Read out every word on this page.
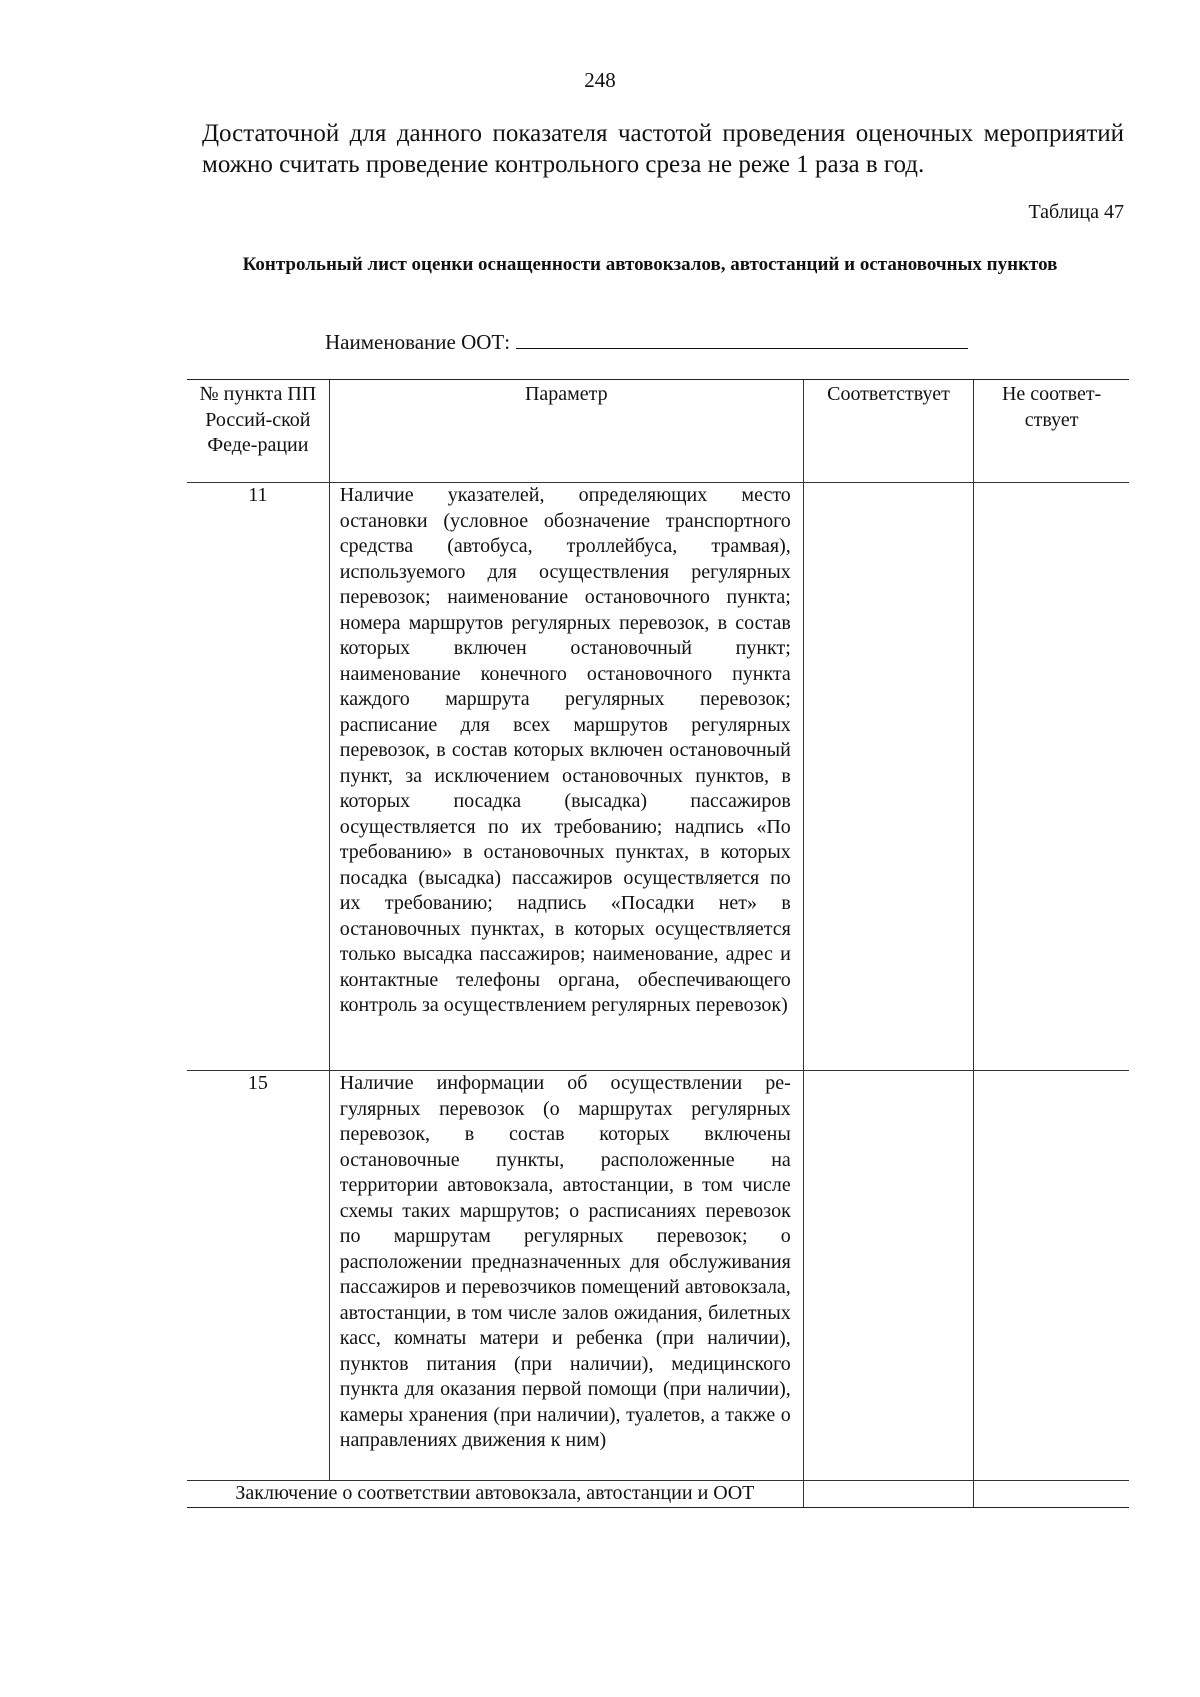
248

Достаточной для данного показателя частотой проведения оценочных мероприятий можно считать проведение контрольного среза не реже 1 раза в год.

Таблица 47
Контрольный лист оценки оснащенности автовокзалов, автостанций и остановочных пунктов
Наименование ООТ:
№ пункта ПП Россий-ской Феде-рации	Параметр	Соответствует	Не соответ-ствует

11	Наличие указателей, определяющих место остановки (условное обозначение транспортного средства (автобуса, троллейбуса, трамвая), используемого для осуществления регулярных перевозок; наименование остановочного пункта; номера маршрутов регулярных перевозок, в состав которых включен остановочный пункт; наименование конечного остановочного пункта каждого маршрута регулярных перевозок; расписание для всех маршрутов регулярных перевозок, в состав которых включен остановочный пункт, за исключением остановочных пунктов, в которых посадка (высадка) пассажиров осуществляется по их требованию; надпись «По требованию» в остановочных пунктах, в которых посадка (высадка) пассажиров осуществляется по их требованию; надпись «Посадки нет» в остановочных пунктах, в которых осуществляется только высадка пассажиров; наименование, адрес и контактные телефоны органа, обеспечивающего контроль за осуществлением регулярных перевозок)		

15	Наличие информации об осуществлении регулярных перевозок (о маршрутах регулярных перевозок, в состав которых включены остановочные пункты, расположенные на территории автовокзала, автостанции, в том числе схемы таких маршрутов; о расписаниях перевозок по маршрутам регулярных перевозок; о расположении предназначенных для обслуживания пассажиров и перевозчиков помещений автовокзала, автостанции, в том числе залов ожидания, билетных касс, комнаты матери и ребенка (при наличии), пунктов питания (при наличии), медицинского пункта для оказания первой помощи (при наличии), камеры хранения (при наличии), туалетов, а также о направлениях движения к ним)		

Заключение о соответствии автовокзала, автостанции и ООТ			
